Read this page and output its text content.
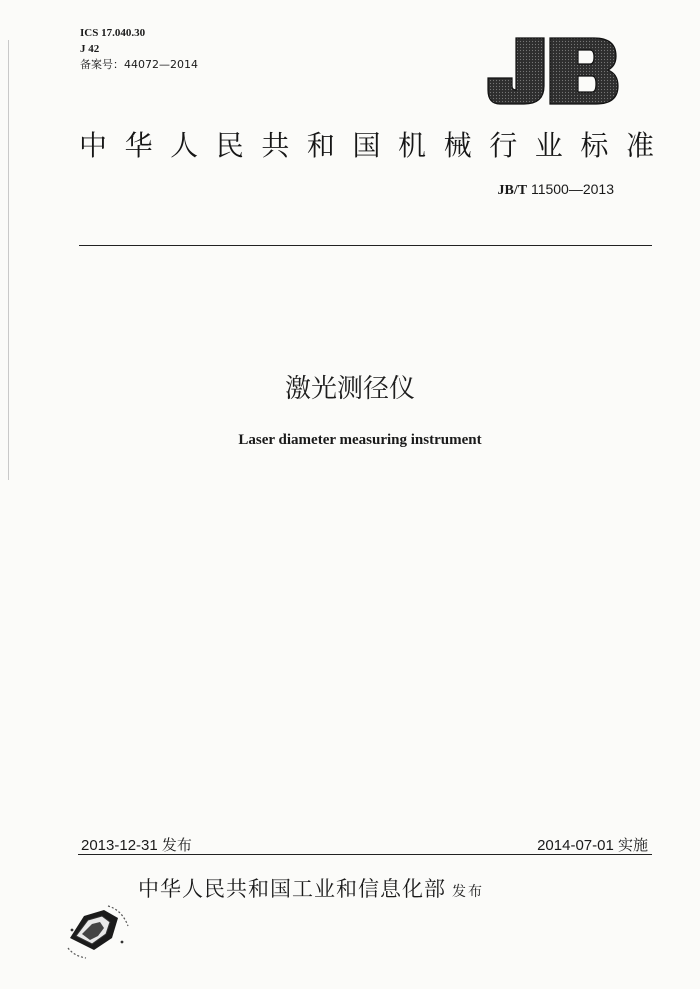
ICS 17.040.30
J 42
备案号：44072—2014
中 华 人 民 共 和 国 机 械 行 业 标 准
JB/T 11500—2013
激光测径仪
Laser diameter measuring instrument
2013-12-31 发布	2014-07-01 实施
中华人民共和国工业和信息化部 发布
